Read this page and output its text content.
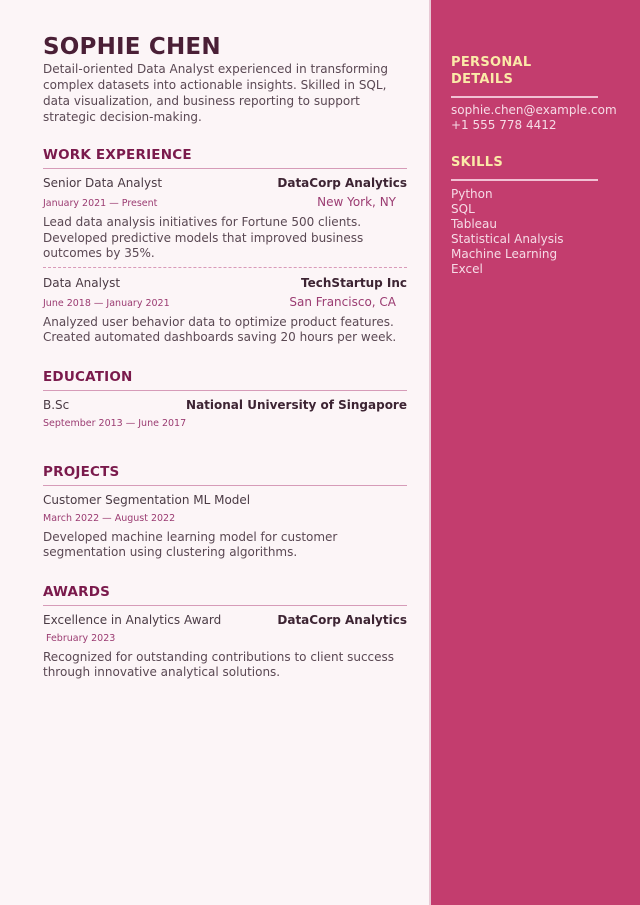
SOPHIE CHEN
Detail-oriented Data Analyst experienced in transforming complex datasets into actionable insights. Skilled in SQL, data visualization, and business reporting to support strategic decision-making.
WORK EXPERIENCE
Senior Data Analyst	DataCorp Analytics
January 2021 — Present	New York, NY
Lead data analysis initiatives for Fortune 500 clients. Developed predictive models that improved business outcomes by 35%.
Data Analyst	TechStartup Inc
June 2018 — January 2021	San Francisco, CA
Analyzed user behavior data to optimize product features. Created automated dashboards saving 20 hours per week.
EDUCATION
B.Sc	National University of Singapore
September 2013 — June 2017
PROJECTS
Customer Segmentation ML Model
March 2022 — August 2022
Developed machine learning model for customer segmentation using clustering algorithms.
AWARDS
Excellence in Analytics Award	DataCorp Analytics
February 2023
Recognized for outstanding contributions to client success through innovative analytical solutions.
PERSONAL DETAILS
sophie.chen@example.com
+1 555 778 4412
SKILLS
Python
SQL
Tableau
Statistical Analysis
Machine Learning
Excel
